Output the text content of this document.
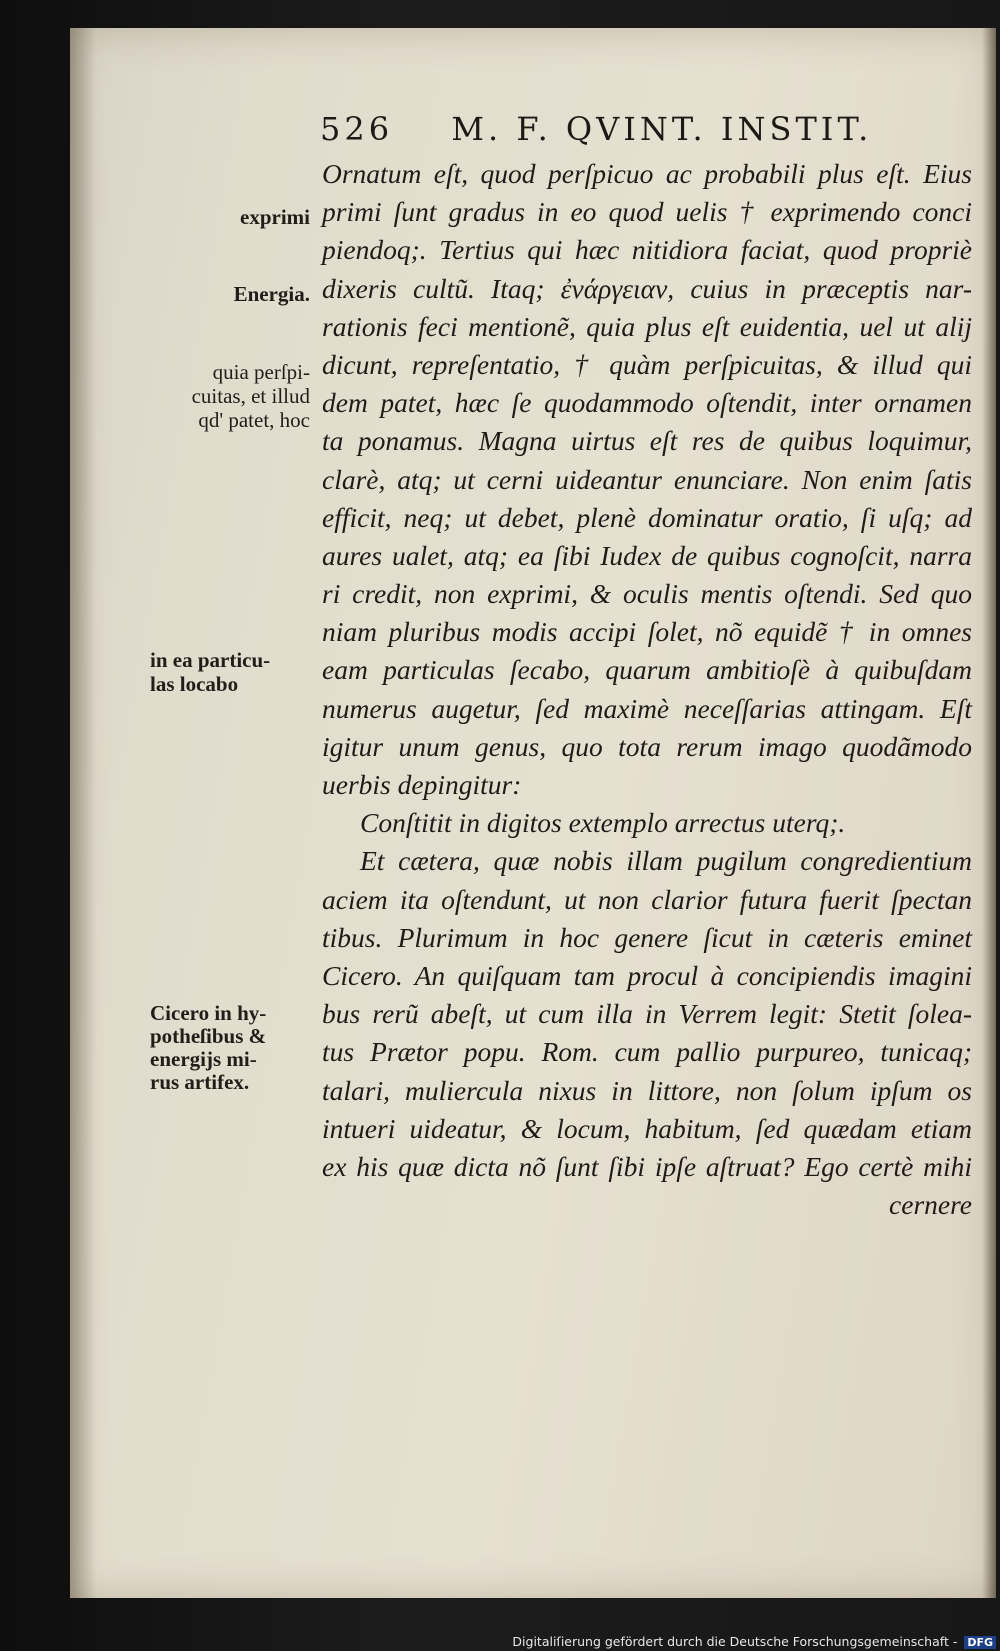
526 M. F. QVINT. INSTIT.
Ornatum eſt, quod perſpicuo ac probabili plus eſt. Eius
primi ſunt gradus in eo quod uelis † exprimendo conci
piendoq;. Tertius qui hæc nitidiora faciat, quod propriè
dixeris cultũ. Itaq; ἐνάργειαν, cuius in præceptis nar-
rationis feci mentionẽ, quia plus eſt euidentia, uel ut alij
dicunt, repreſentatio, † quàm perſpicuitas, & illud qui
dem patet, hæc ſe quodammodo oſtendit, inter ornamen
ta ponamus. Magna uirtus eſt res de quibus loquimur,
clarè, atq; ut cerni uideantur enunciare. Non enim ſatis
efficit, neq; ut debet, plenè dominatur oratio, ſi uſq; ad
aures ualet, atq; ea ſibi Iudex de quibus cognoſcit, narra
ri credit, non exprimi, & oculis mentis oſtendi. Sed quo
niam pluribus modis accipi ſolet, nõ equidẽ † in omnes
eam particulas ſecabo, quarum ambitioſè à quibuſdam
numerus augetur, ſed maximè neceſſarias attingam. Eſt
igitur unum genus, quo tota rerum imago quodãmodo
uerbis depingitur:
Conſtitit in digitos extemplo arrectus uterq;.
Et cætera, quæ nobis illam pugilum congredientium
aciem ita oſtendunt, ut non clarior futura fuerit ſpectan
tibus. Plurimum in hoc genere ſicut in cæteris eminet
Cicero. An quiſquam tam procul à concipiendis imagini
bus rerũ abeſt, ut cum illa in Verrem legit: Stetit ſolea-
tus Prætor popu. Rom. cum pallio purpureo, tunicaq;
talari, muliercula nixus in littore, non ſolum ipſum os
intueri uideatur, & locum, habitum, ſed quædam etiam
ex his quæ dicta nõ ſunt ſibi ipſe aſtruat? Ego certè mihi
cernere
exprimi
Energia.
quia perſpi-
cuitas, et illud
qd' patet, hoc
in ea particu-
las locabo
Cicero in hy-
potheſibus &
energijs mi-
rus artifex.
Digitaliſierung gefördert durch die Deutsche Forschungsgemeinschaft - DFG
